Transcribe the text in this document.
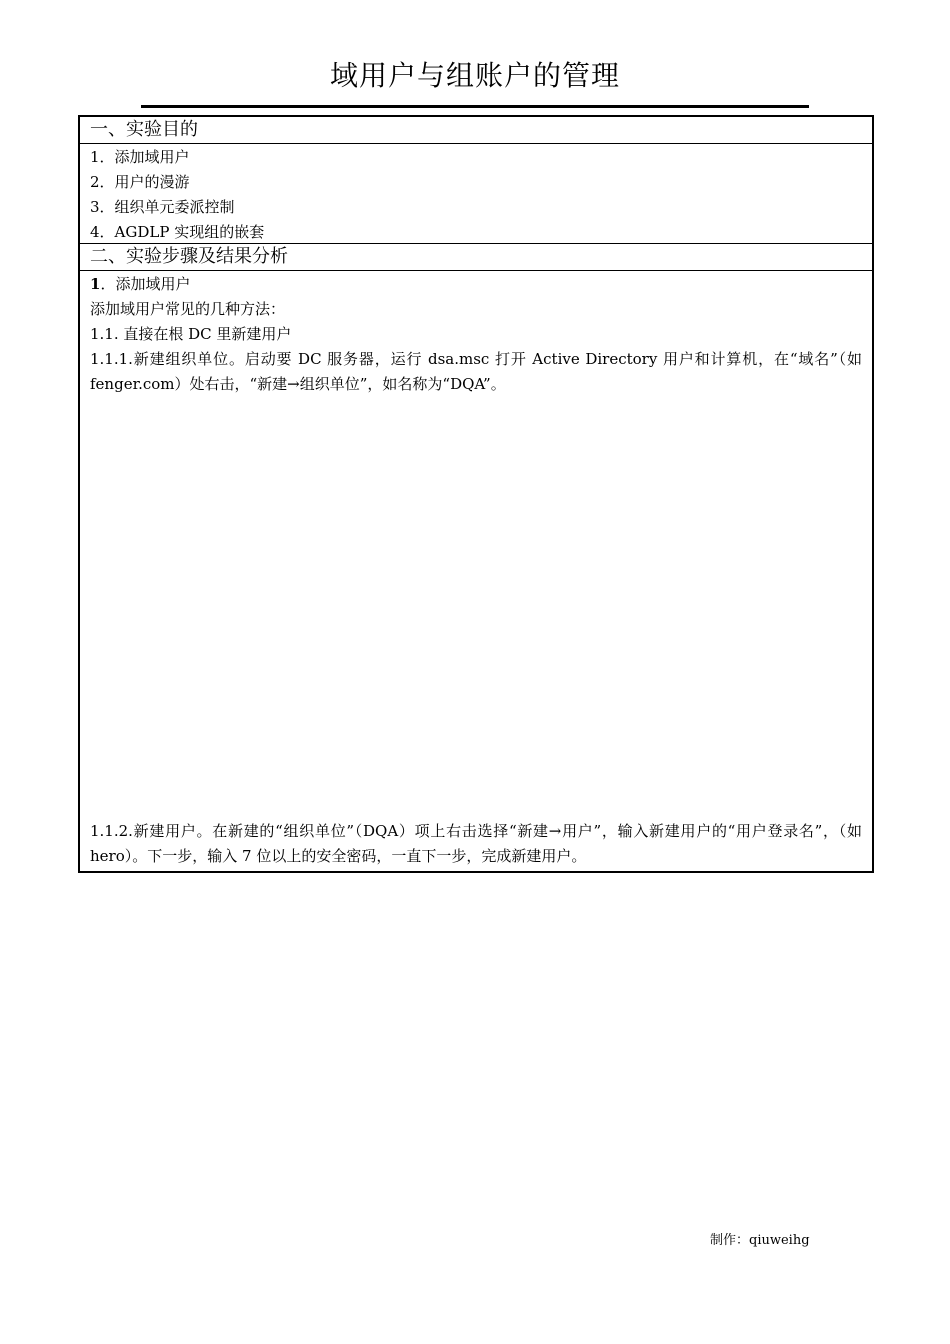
域用户与组账户的管理
一、实验目的
1．添加域用户
2．用户的漫游
3．组织单元委派控制
4．AGDLP 实现组的嵌套
二、实验步骤及结果分析
1．添加域用户
添加域用户常见的几种方法：
1.1. 直接在根 DC 里新建用户
1.1.1.新建组织单位。启动要 DC 服务器，运行 dsa.msc 打开 Active Directory 用户和计算机，在“域名”（如 fenger.com）处右击，“新建→组织单位”，如名称为“DQA”。
1.1.2.新建用户。在新建的“组织单位”（DQA）项上右击选择“新建→用户”，输入新建用户的“用户登录名”，（如 hero）。下一步，输入 7 位以上的安全密码，一直下一步，完成新建用户。
制作：qiuweihg
